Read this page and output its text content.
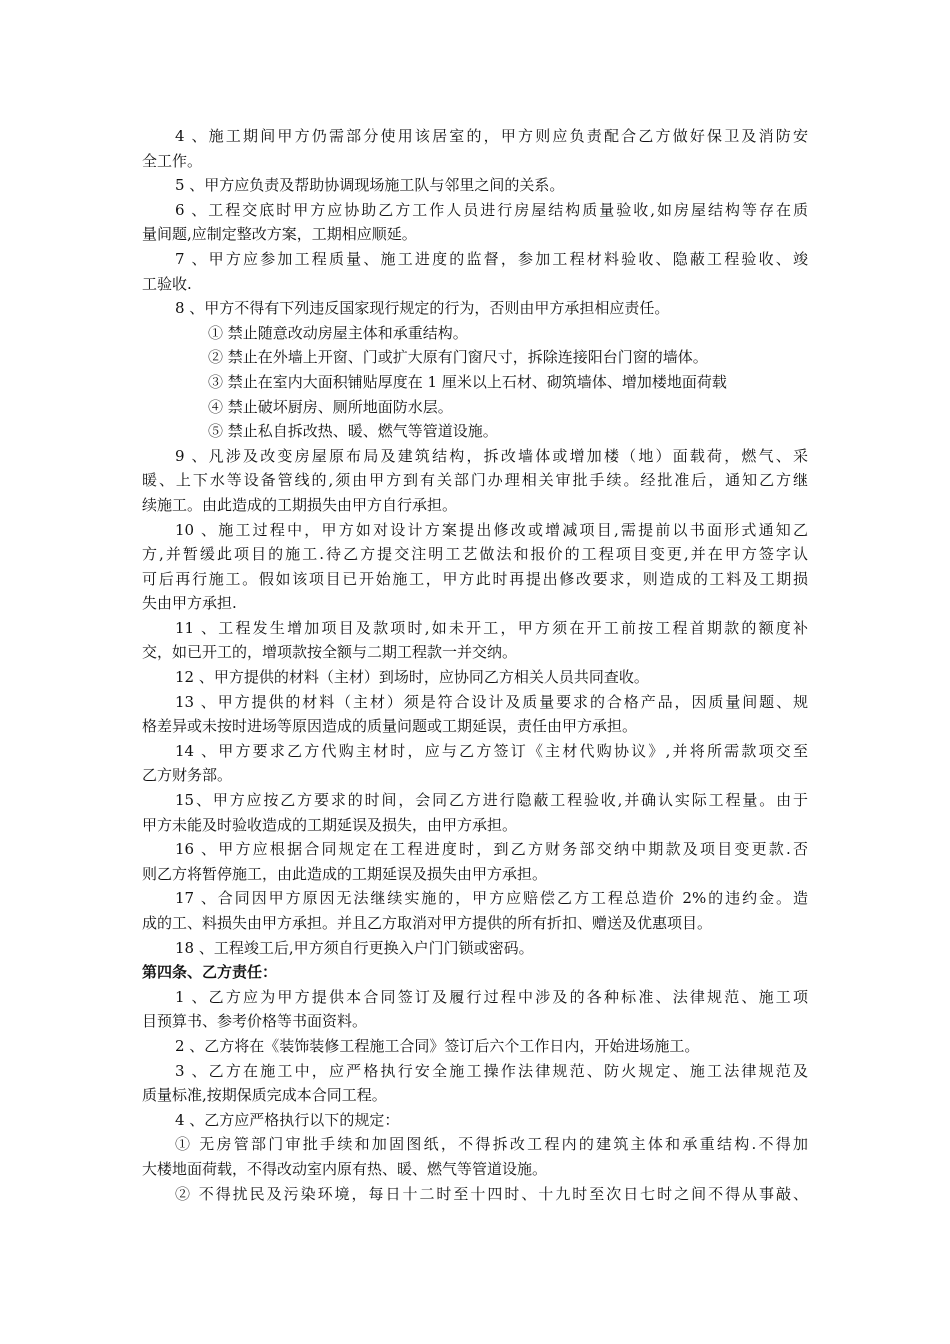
4 、施工期间甲方仍需部分使用该居室的，甲方则应负责配合乙方做好保卫及消防安
全工作。
5 、甲方应负责及帮助协调现场施工队与邻里之间的关系。
6 、工程交底时甲方应协助乙方工作人员进行房屋结构质量验收,如房屋结构等存在质
量间题,应制定整改方案，工期相应顺延。
7 、甲方应参加工程质量、施工进度的监督，参加工程材料验收、隐蔽工程验收、竣
工验收.
8 、甲方不得有下列违反国家现行规定的行为，否则由甲方承担相应责任。
① 禁止随意改动房屋主体和承重结构。
② 禁止在外墙上开窗、门或扩大原有门窗尺寸，拆除连接阳台门窗的墙体。
③ 禁止在室内大面积铺贴厚度在 1 厘米以上石材、砌筑墙体、增加楼地面荷载
④ 禁止破坏厨房、厕所地面防水层。
⑤ 禁止私自拆改热、暖、燃气等管道设施。
9 、凡涉及改变房屋原布局及建筑结构，拆改墙体或增加楼（地）面载荷，燃气、采
暖、上下水等设备管线的,须由甲方到有关部门办理相关审批手续。经批准后，通知乙方继
续施工。由此造成的工期损失由甲方自行承担。
10 、施工过程中，甲方如对设计方案提出修改或增减项目,需提前以书面形式通知乙
方,并暂缓此项目的施工.待乙方提交注明工艺做法和报价的工程项目变更,并在甲方签字认
可后再行施工。假如该项目已开始施工，甲方此时再提出修改要求，则造成的工料及工期损
失由甲方承担.
11 、工程发生增加项目及款项时,如未开工，甲方须在开工前按工程首期款的额度补
交，如已开工的，增项款按全额与二期工程款一并交纳。
12 、甲方提供的材料（主材）到场时，应协同乙方相关人员共同查收。
13 、甲方提供的材料（主材）须是符合设计及质量要求的合格产品，因质量间题、规
格差异或未按时进场等原因造成的质量问题或工期延误，责任由甲方承担。
14 、甲方要求乙方代购主材时，应与乙方签订《主材代购协议》,并将所需款项交至
乙方财务部。
15、甲方应按乙方要求的时间，会同乙方进行隐蔽工程验收,并确认实际工程量。由于
甲方未能及时验收造成的工期延误及损失，由甲方承担。
16 、甲方应根据合同规定在工程进度时，到乙方财务部交纳中期款及项目变更款.否
则乙方将暂停施工，由此造成的工期延误及损失由甲方承担。
17 、合同因甲方原因无法继续实施的，甲方应赔偿乙方工程总造价 2%的违约金。造
成的工、料损失由甲方承担。并且乙方取消对甲方提供的所有折扣、赠送及优惠项目。
18 、工程竣工后,甲方须自行更换入户门门锁或密码。
第四条、乙方责任：
1 、乙方应为甲方提供本合同签订及履行过程中涉及的各种标准、法律规范、施工项
目预算书、参考价格等书面资料。
2 、乙方将在《装饰装修工程施工合同》签订后六个工作日内，开始进场施工。
3 、乙方在施工中，应严格执行安全施工操作法律规范、防火规定、施工法律规范及
质量标准,按期保质完成本合同工程。
4 、乙方应严格执行以下的规定：
① 无房管部门审批手续和加固图纸，不得拆改工程内的建筑主体和承重结构.不得加
大楼地面荷载，不得改动室内原有热、暖、燃气等管道设施。
② 不得扰民及污染环境，每日十二时至十四时、十九时至次日七时之间不得从事敲、
